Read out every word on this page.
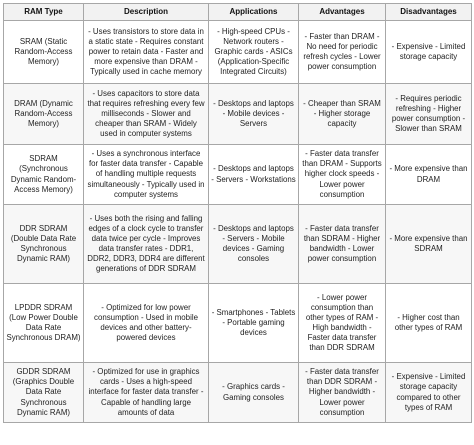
RAM Type	Description	Applications	Advantages	Disadvantages
SRAM (Static Random-Access Memory)	- Uses transistors to store data in a static state - Requires constant power to retain data - Faster and more expensive than DRAM - Typically used in cache memory	- High-speed CPUs - Network routers - Graphic cards - ASICs (Application-Specific Integrated Circuits)	- Faster than DRAM - No need for periodic refresh cycles - Lower power consumption	- Expensive - Limited storage capacity
DRAM (Dynamic Random-Access Memory)	- Uses capacitors to store data that requires refreshing every few milliseconds - Slower and cheaper than SRAM - Widely used in computer systems	- Desktops and laptops - Mobile devices - Servers	- Cheaper than SRAM - Higher storage capacity	- Requires periodic refreshing - Higher power consumption - Slower than SRAM
SDRAM (Synchronous Dynamic Random-Access Memory)	- Uses a synchronous interface for faster data transfer - Capable of handling multiple requests simultaneously - Typically used in computer systems	- Desktops and laptops - Servers - Workstations	- Faster data transfer than DRAM - Supports higher clock speeds - Lower power consumption	- More expensive than DRAM
DDR SDRAM (Double Data Rate Synchronous Dynamic RAM)	- Uses both the rising and falling edges of a clock cycle to transfer data twice per cycle - Improves data transfer rates - DDR1, DDR2, DDR3, DDR4 are different generations of DDR SDRAM	- Desktops and laptops - Servers - Mobile devices - Gaming consoles	- Faster data transfer than SDRAM - Higher bandwidth - Lower power consumption	- More expensive than SDRAM
LPDDR SDRAM (Low Power Double Data Rate Synchronous DRAM)	- Optimized for low power consumption - Used in mobile devices and other battery-powered devices	- Smartphones - Tablets - Portable gaming devices	- Lower power consumption than other types of RAM - High bandwidth - Faster data transfer than DDR SDRAM	- Higher cost than other types of RAM
GDDR SDRAM (Graphics Double Data Rate Synchronous Dynamic RAM)	- Optimized for use in graphics cards - Uses a high-speed interface for faster data transfer - Capable of handling large amounts of data	- Graphics cards - Gaming consoles	- Faster data transfer than DDR SDRAM - Higher bandwidth - Lower power consumption	- Expensive - Limited storage capacity compared to other types of RAM
